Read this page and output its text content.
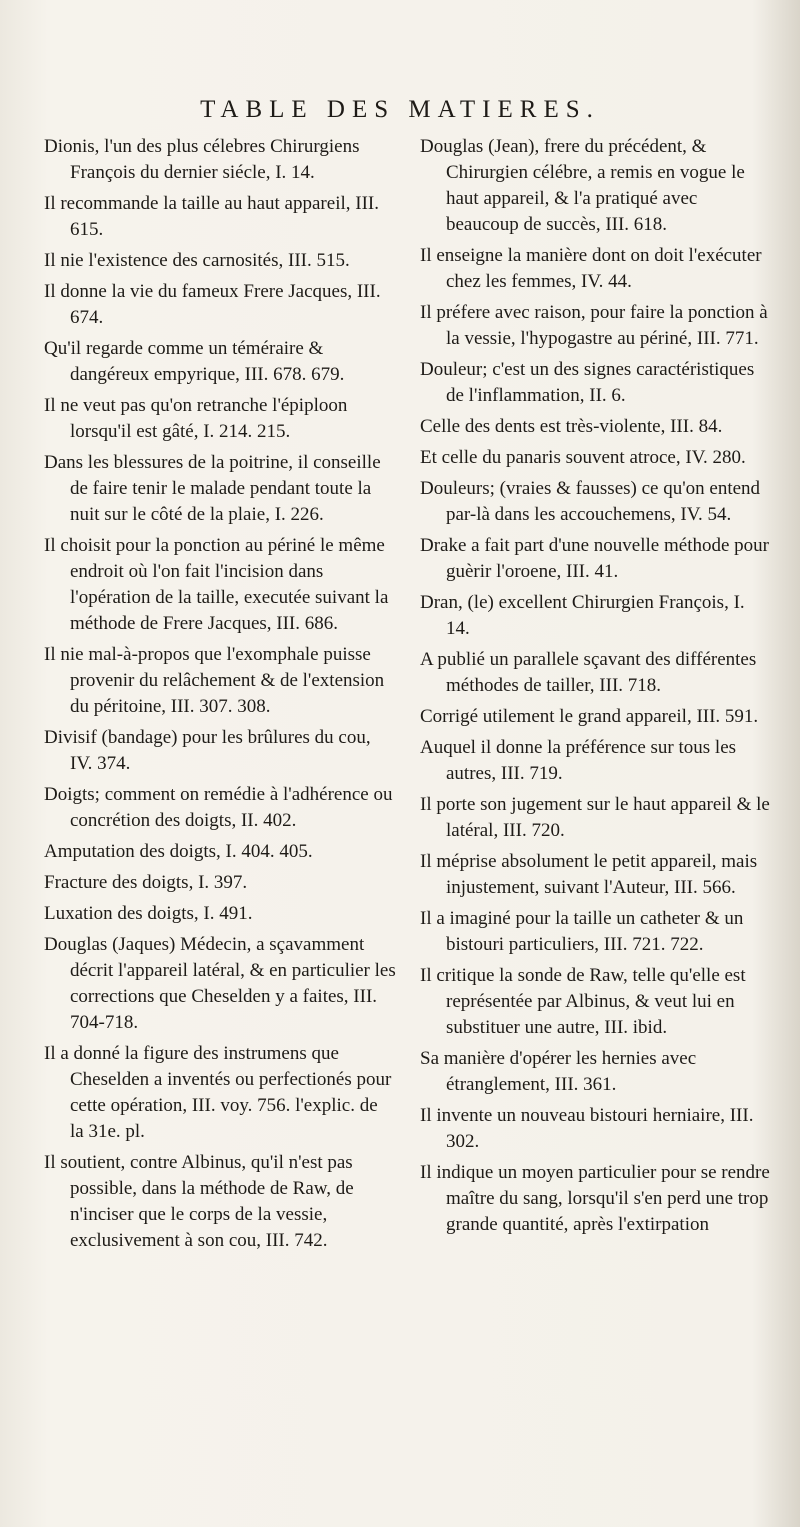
TABLE DES MATIERES.
Dionis, l'un des plus célebres Chirurgiens François du dernier siécle, I. 14.
Il recommande la taille au haut appareil, III. 615.
Il nie l'existence des carnosités, III. 515.
Il donne la vie du fameux Frere Jacques, III. 674.
Qu'il regarde comme un téméraire & dangéreux empyrique, III. 678. 679.
Il ne veut pas qu'on retranche l'épiploon lorsqu'il est gâté, I. 214. 215.
Dans les blessures de la poitrine, il conseille de faire tenir le malade pendant toute la nuit sur le côté de la plaie, I. 226.
Il choisit pour la ponction au périné le même endroit où l'on fait l'incision dans l'opération de la taille, executée suivant la méthode de Frere Jacques, III. 686.
Il nie mal-à-propos que l'exomphale puisse provenir du relâchement & de l'extension du péritoine, III. 307. 308.
Divisif (bandage) pour les brûlures du cou, IV. 374.
Doigts; comment on remédie à l'adhérence ou concrétion des doigts, II. 402.
Amputation des doigts, I. 404. 405.
Fracture des doigts, I. 397.
Luxation des doigts, I. 491.
Douglas (Jaques) Médecin, a sçavamment décrit l'appareil latéral, & en particulier les corrections que Cheselden y a faites, III. 704-718.
Il a donné la figure des instrumens que Cheselden a inventés ou perfectionés pour cette opération, III. voy. 756. l'explic. de la 31e. pl.
Il soutient, contre Albinus, qu'il n'est pas possible, dans la méthode de Raw, de n'inciser que le corps de la vessie, exclusivement à son cou, III. 742.
Douglas (Jean), frere du précédent, & Chirurgien célébre, a remis en vogue le haut appareil, & l'a pratiqué avec beaucoup de succès, III. 618.
Il enseigne la manière dont on doit l'exécuter chez les femmes, IV. 44.
Il préfere avec raison, pour faire la ponction à la vessie, l'hypogastre au périné, III. 771.
Douleur; c'est un des signes caractéristiques de l'inflammation, II. 6.
Celle des dents est très-violente, III. 84.
Et celle du panaris souvent atroce, IV. 280.
Douleurs; (vraies & fausses) ce qu'on entend par-là dans les accouchemens, IV. 54.
Drake a fait part d'une nouvelle méthode pour guèrir l'oroene, III. 41.
Dran, (le) excellent Chirurgien François, I. 14.
A publié un parallele sçavant des différentes méthodes de tailler, III. 718.
Corrigé utilement le grand appareil, III. 591.
Auquel il donne la préférence sur tous les autres, III. 719.
Il porte son jugement sur le haut appareil & le latéral, III. 720.
Il méprise absolument le petit appareil, mais injustement, suivant l'Auteur, III. 566.
Il a imaginé pour la taille un catheter & un bistouri particuliers, III. 721. 722.
Il critique la sonde de Raw, telle qu'elle est représentée par Albinus, & veut lui en substituer une autre, III. ibid.
Sa manière d'opérer les hernies avec étranglement, III. 361.
Il invente un nouveau bistouri herniaire, III. 302.
Il indique un moyen particulier pour se rendre maître du sang, lorsqu'il s'en perd une trop grande quantité, après l'extirpation
